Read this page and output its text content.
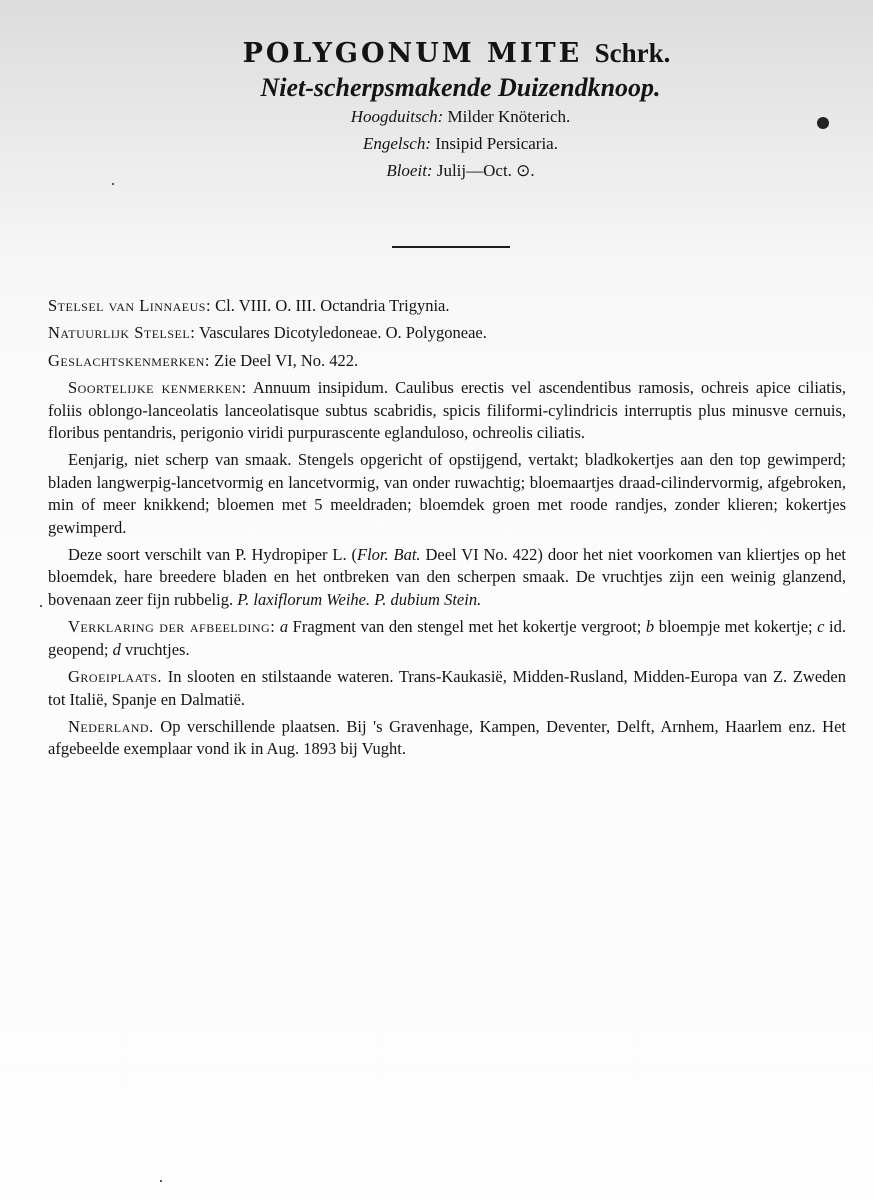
POLYGONUM MITE Schrk.
Niet-scherpsmakende Duizendknoop.
Hoogduitsch: Milder Knöterich.
Engelsch: Insipid Persicaria.
Bloeit: Julij—Oct. ⊙.

Stelsel van Linnaeus: Cl. VIII. O. III. Octandria Trigynia.

Natuurlijk Stelsel: Vasculares Dicotyledoneae. O. Polygoneae.

Geslachtskenmerken: Zie Deel VI, No. 422.

Soortelijke kenmerken: Annuum insipidum. Caulibus erectis vel ascendentibus ramosis, ochreis apice ciliatis, foliis oblongo-lanceolatis lanceolatisque subtus scabridis, spicis filiformi-cylindricis interruptis plus minusve cernuis, floribus pentandris, perigonio viridi purpurascente eglanduloso, ochreolis ciliatis.

Eenjarig, niet scherp van smaak. Stengels opgericht of opstijgend, vertakt; bladkokertjes aan den top gewimperd; bladen langwerpig-lancetvormig en lancetvormig, van onder ruwachtig; bloemaartjes draad-cilindervormig, afgebroken, min of meer knikkend; bloemen met 5 meeldraden; bloemdek groen met roode randjes, zonder klieren; kokertjes gewimperd.

Deze soort verschilt van P. Hydropiper L. (Flor. Bat. Deel VI No. 422) door het niet voorkomen van kliertjes op het bloemdek, hare breedere bladen en het ontbreken van den scherpen smaak. De vruchtjes zijn een weinig glanzend, bovenaan zeer fijn rubbelig. P. laxiflorum Weihe. P. dubium Stein.

Verklaring der afbeelding: a Fragment van den stengel met het kokertje vergroot; b bloempje met kokertje; c id. geopend; d vruchtjes.

Groeiplaats. In slooten en stilstaande wateren. Trans-Kaukasië, Midden-Rusland, Midden-Europa van Z. Zweden tot Italië, Spanje en Dalmatië.

Nederland. Op verschillende plaatsen. Bij 's Gravenhage, Kampen, Deventer, Delft, Arnhem, Haarlem enz. Het afgebeelde exemplaar vond ik in Aug. 1893 bij Vught.
